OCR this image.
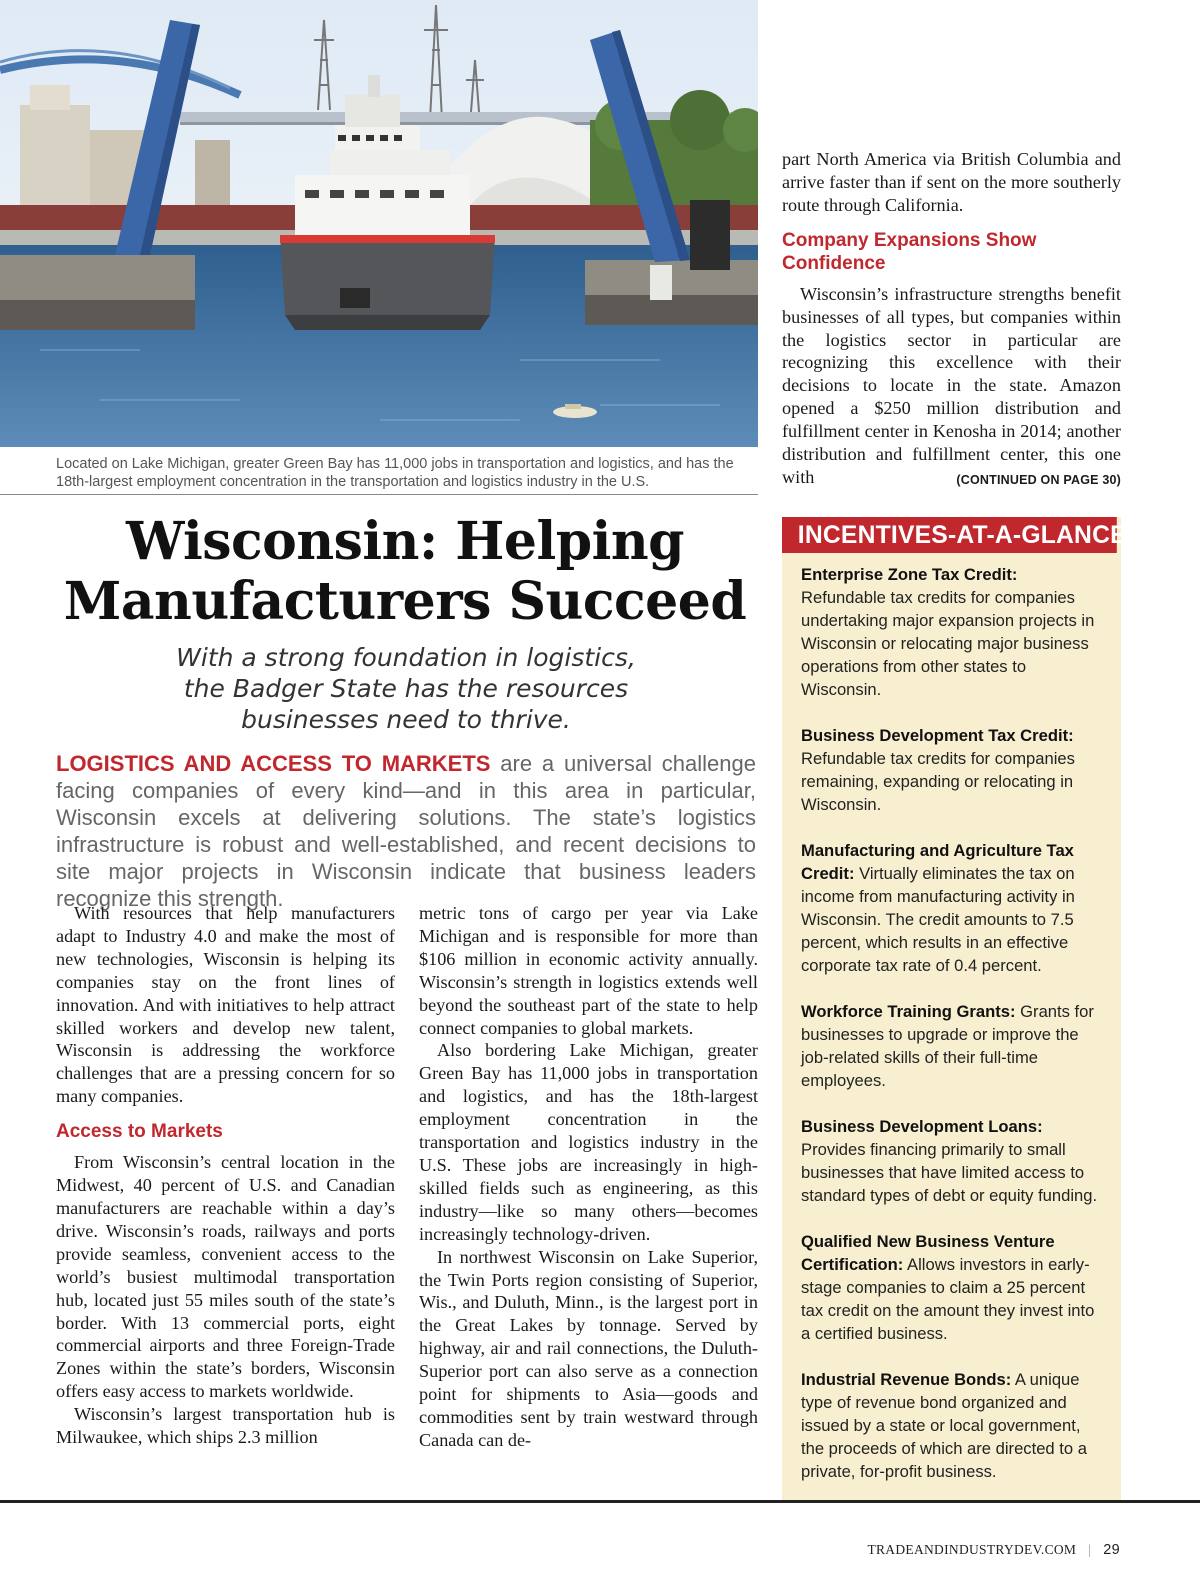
Located on Lake Michigan, greater Green Bay has 11,000 jobs in transportation and logistics, and has the 18th-largest employment concentration in the transportation and logistics industry in the U.S.

Wisconsin: Helping
Manufacturers Succeed

With a strong foundation in logistics,
the Badger State has the resources
businesses need to thrive.

LOGISTICS AND ACCESS TO MARKETS are a universal challenge facing companies of every kind—and in this area in particular, Wisconsin excels at delivering solutions. The state’s logistics infrastructure is robust and well-established, and recent decisions to site major projects in Wisconsin indicate that business leaders recognize this strength.

With resources that help manufacturers adapt to Industry 4.0 and make the most of new technologies, Wisconsin is helping its companies stay on the front lines of innovation. And with initiatives to help attract skilled workers and develop new talent, Wisconsin is addressing the workforce challenges that are a pressing concern for so many companies.

Access to Markets

From Wisconsin’s central location in the Midwest, 40 percent of U.S. and Canadian manufacturers are reachable within a day’s drive. Wisconsin’s roads, railways and ports provide seamless, convenient access to the world’s busiest multimodal transportation hub, located just 55 miles south of the state’s border. With 13 commercial ports, eight commercial airports and three Foreign-Trade Zones within the state’s borders, Wisconsin offers easy access to markets worldwide.

Wisconsin’s largest transportation hub is Milwaukee, which ships 2.3 million

metric tons of cargo per year via Lake Michigan and is responsible for more than $106 million in economic activity annually. Wisconsin’s strength in logistics extends well beyond the southeast part of the state to help connect companies to global markets.

Also bordering Lake Michigan, greater Green Bay has 11,000 jobs in transportation and logistics, and has the 18th-largest employment concentration in the transportation and logistics industry in the U.S. These jobs are increasingly in high-skilled fields such as engineering, as this industry—like so many others—becomes increasingly technology-driven.

In northwest Wisconsin on Lake Superior, the Twin Ports region consisting of Superior, Wis., and Duluth, Minn., is the largest port in the Great Lakes by tonnage. Served by highway, air and rail connections, the Duluth-Superior port can also serve as a connection point for shipments to Asia—goods and commodities sent by train westward through Canada can de-

part North America via British Columbia and arrive faster than if sent on the more southerly route through California.

Company Expansions Show Confidence

Wisconsin’s infrastructure strengths benefit businesses of all types, but companies within the logistics sector in particular are recognizing this excellence with their decisions to locate in the state. Amazon opened a $250 million distribution and fulfillment center in Kenosha in 2014; another distribution and fulfillment center, this one with	(CONTINUED ON PAGE 30)

INCENTIVES-AT-A-GLANCE
Enterprise Zone Tax Credit: Refundable tax credits for companies undertaking major expansion projects in Wisconsin or relocating major business operations from other states to Wisconsin.
Business Development Tax Credit: Refundable tax credits for companies remaining, expanding or relocating in Wisconsin.
Manufacturing and Agriculture Tax Credit: Virtually eliminates the tax on income from manufacturing activity in Wisconsin. The credit amounts to 7.5 percent, which results in an effective corporate tax rate of 0.4 percent.
Workforce Training Grants: Grants for businesses to upgrade or improve the job-related skills of their full-time employees.
Business Development Loans: Provides financing primarily to small businesses that have limited access to standard types of debt or equity funding.
Qualified New Business Venture Certification: Allows investors in early-stage companies to claim a 25 percent tax credit on the amount they invest into a certified business.
Industrial Revenue Bonds: A unique type of revenue bond organized and issued by a state or local government, the proceeds of which are directed to a private, for-profit business.
TRADEANDINDUSTRYDEV.COM | 29
